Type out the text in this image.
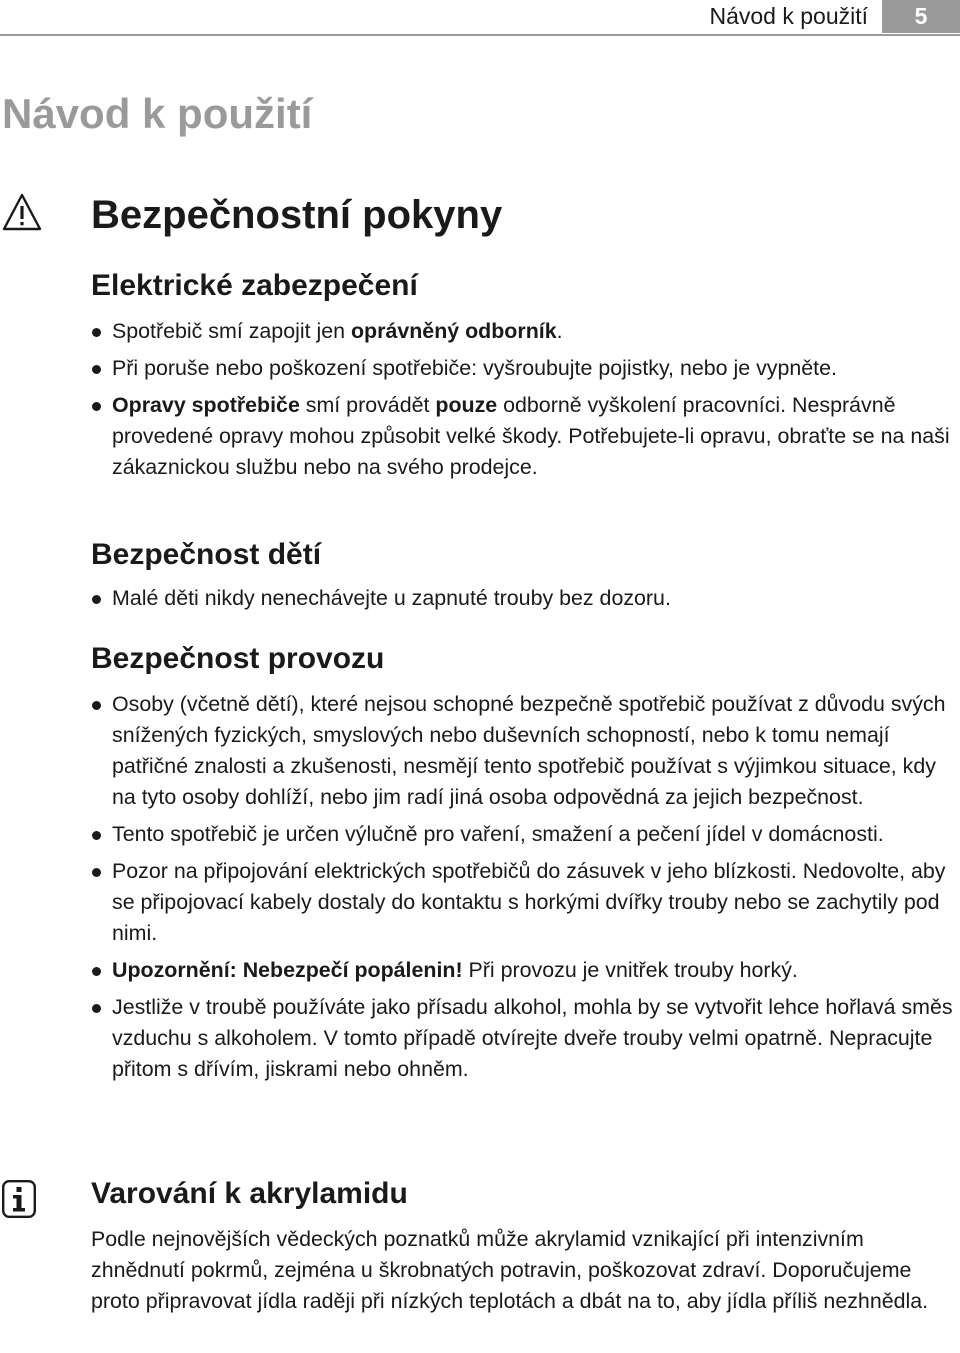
Návod k použití	5
Návod k použití
Bezpečnostní pokyny
Elektrické zabezpečení
Spotřebič smí zapojit jen oprávněný odborník.
Při poruše nebo poškození spotřebiče: vyšroubujte pojistky, nebo je vypněte.
Opravy spotřebiče smí provádět pouze odborně vyškolení pracovníci. Nesprávně provedené opravy mohou způsobit velké škody. Potřebujete-li opravu, obraťte se na naši zákaznickou službu nebo na svého prodejce.
Bezpečnost dětí
Malé děti nikdy nenechávejte u zapnuté trouby bez dozoru.
Bezpečnost provozu
Osoby (včetně dětí), které nejsou schopné bezpečně spotřebič používat z důvodu svých snížených fyzických, smyslových nebo duševních schopností, nebo k tomu nemají patřičné znalosti a zkušenosti, nesmějí tento spotřebič používat s výjimkou situace, kdy na tyto osoby dohlíží, nebo jim radí jiná osoba odpovědná za jejich bezpečnost.
Tento spotřebič je určen výlučně pro vaření, smažení a pečení jídel v domácnosti.
Pozor na připojování elektrických spotřebičů do zásuvek v jeho blízkosti. Nedovolte, aby se připojovací kabely dostaly do kontaktu s horkými dvířky trouby nebo se zachytily pod nimi.
Upozornění: Nebezpečí popálenin! Při provozu je vnitřek trouby horký.
Jestliže v troubě používáte jako přísadu alkohol, mohla by se vytvořit lehce hořlavá směs vzduchu s alkoholem. V tomto případě otvírejte dveře trouby velmi opatrně. Nepracujte přitom s dřívím, jiskrami nebo ohněm.
Varování k akrylamidu

Podle nejnovějších vědeckých poznatků může akrylamid vznikající při intenzivním zhnědnutí pokrmů, zejména u škrobnatých potravin, poškozovat zdraví. Doporučujeme proto připravovat jídla raději při nízkých teplotách a dbát na to, aby jídla příliš nezhnědla.
